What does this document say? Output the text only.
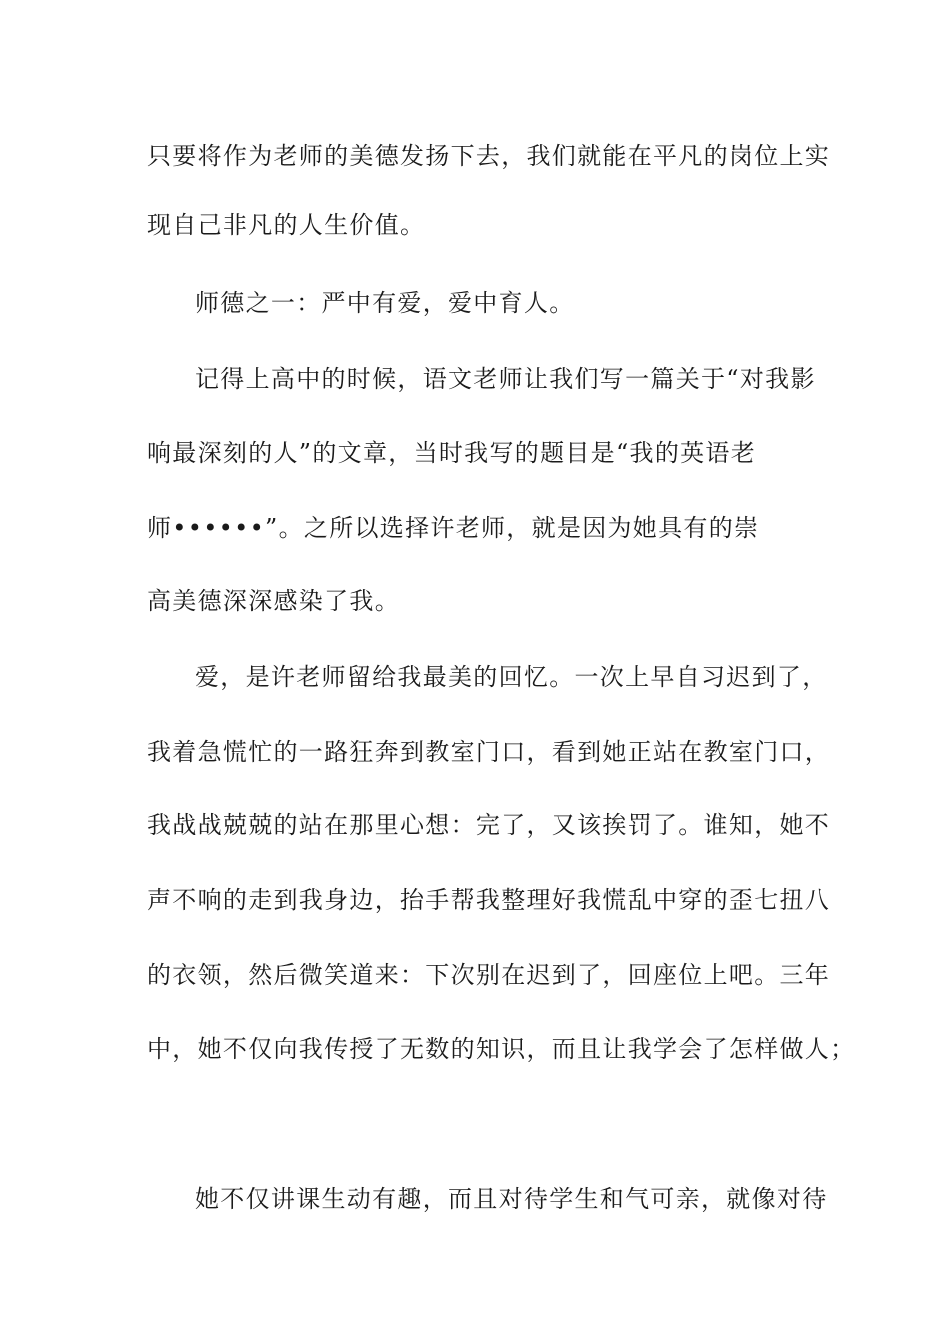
只要将作为老师的美德发扬下去，我们就能在平凡的岗位上实
现自己非凡的人生价值。
师德之一：严中有爱，爱中育人。
记得上高中的时候，语文老师让我们写一篇关于“对我影
响最深刻的人”的文章，当时我写的题目是“我的英语老
师••••••”。之所以选择许老师，就是因为她具有的崇
高美德深深感染了我。
爱，是许老师留给我最美的回忆。一次上早自习迟到了，
我着急慌忙的一路狂奔到教室门口，看到她正站在教室门口，
我战战兢兢的站在那里心想：完了，又该挨罚了。谁知，她不
声不响的走到我身边，抬手帮我整理好我慌乱中穿的歪七扭八
的衣领，然后微笑道来：下次别在迟到了，回座位上吧。三年
中，她不仅向我传授了无数的知识，而且让我学会了怎样做人；
她不仅讲课生动有趣，而且对待学生和气可亲，就像对待
